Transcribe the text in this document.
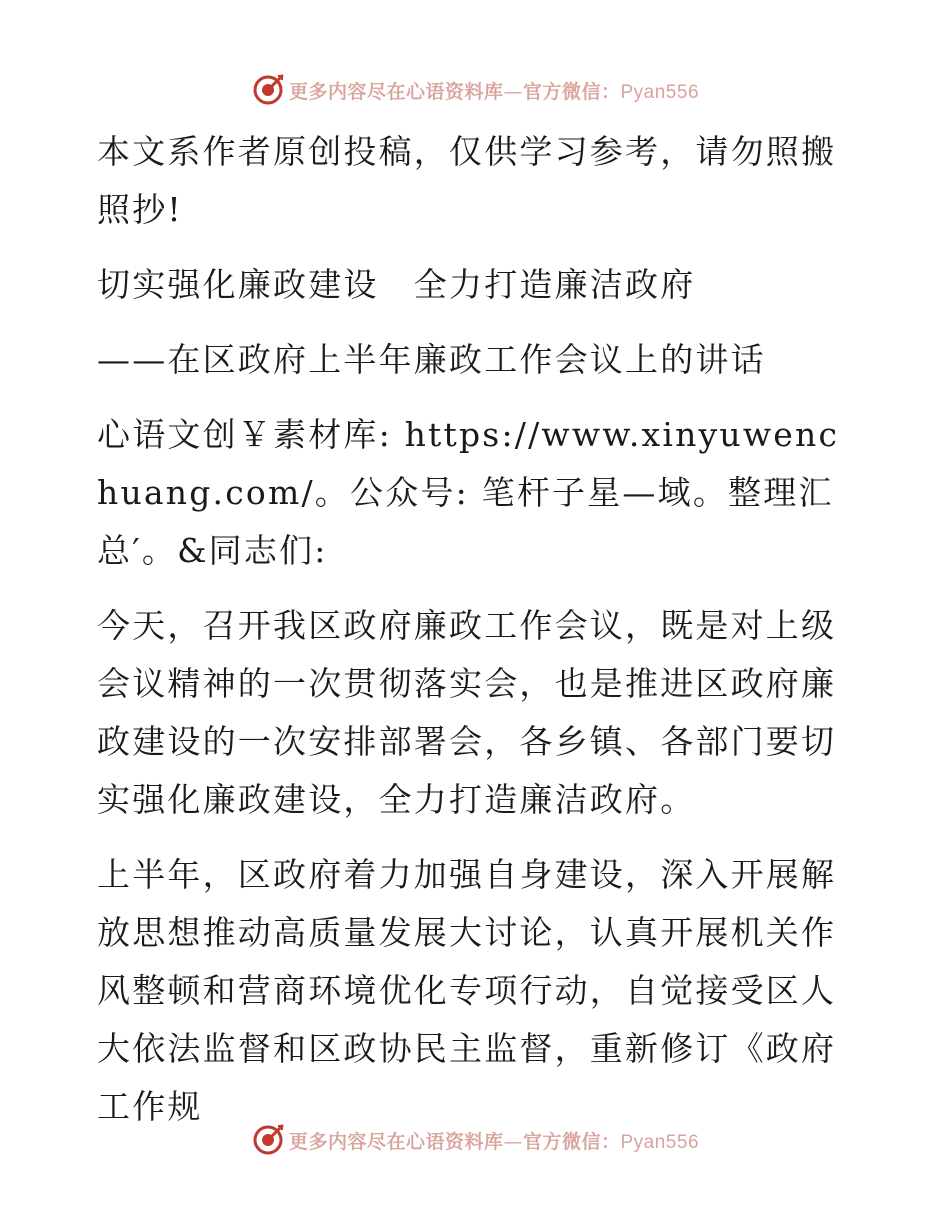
更多内容尽在心语资料库—官方微信：Pyan556

本文系作者原创投稿，仅供学习参考，请勿照搬照抄!

切实强化廉政建设　全力打造廉洁政府

——在区政府上半年廉政工作会议上的讲话

心语文创￥素材库: https://www.xinyuwenchuang.com/。公众号: 笔杆子星—域。整理汇总′。&同志们:

今天，召开我区政府廉政工作会议，既是对上级会议精神的一次贯彻落实会，也是推进区政府廉政建设的一次安排部署会，各乡镇、各部门要切实强化廉政建设，全力打造廉洁政府。

上半年，区政府着力加强自身建设，深入开展解放思想推动高质量发展大讨论，认真开展机关作风整顿和营商环境优化专项行动，自觉接受区人大依法监督和区政协民主监督，重新修订《政府工作规

更多内容尽在心语资料库—官方微信：Pyan556
